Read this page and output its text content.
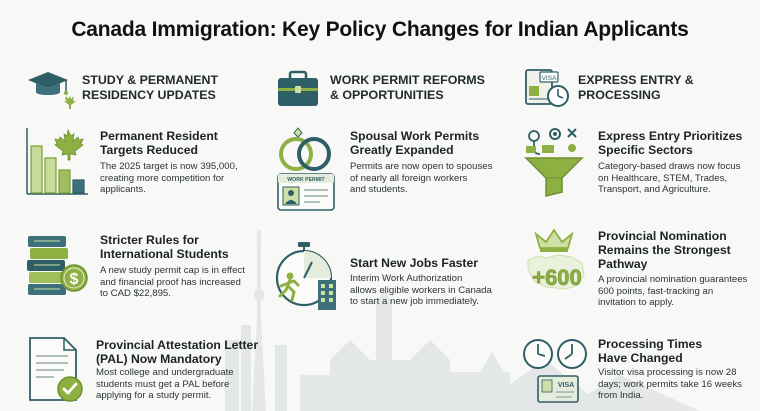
Canada Immigration: Key Policy Changes for Indian Applicants
STUDY & PERMANENT
RESIDENCY UPDATES
WORK PERMIT REFORMS
& OPPORTUNITIES
VISA EXPRESS ENTRY &
PROCESSING
Permanent Resident
Targets Reduced

The 2025 target is now 395,000,
creating more competition for
applicants.

$
Stricter Rules for
International Students

A new study permit cap is in effect
and financial proof has increased
to CAD $22,895.

Provincial Attestation Letter
(PAL) Now Mandatory

Most college and undergraduate
students must get a PAL before
applying for a study permit.

WORK PERMIT
Spousal Work Permits
Greatly Expanded

Permits are now open to spouses
of nearly all foreign workers
and students.

Start New Jobs Faster

Interim Work Authorization
allows eligible workers in Canada
to start a new job immediately.

Express Entry Prioritizes
Specific Sectors

Category-based draws now focus
on Healthcare, STEM, Trades,
Transport, and Agriculture.

+600
Provincial Nomination
Remains the Strongest
Pathway

A provincial nomination guarantees
600 points, fast-tracking an
invitation to apply.

VISA
Processing Times
Have Changed

Visitor visa processing is now 28
days; work permits take 16 weeks
from India.
